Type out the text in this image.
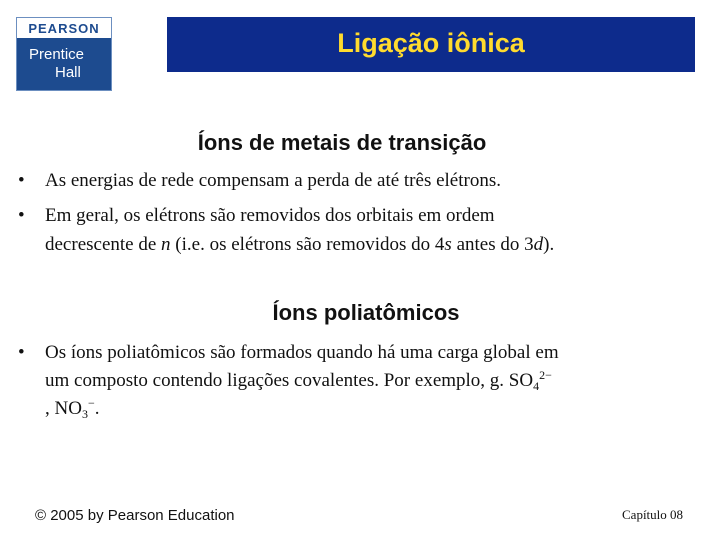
PEARSON
Prentice
Hall
Ligação iônica
Íons de metais de transição
• As energias de rede compensam a perda de até três elétrons.
• Em geral, os elétrons são removidos dos orbitais em ordem
decrescente de n (i.e. os elétrons são removidos do 4s antes do 3d).
Íons poliatômicos
• Os íons poliatômicos são formados quando há uma carga global em
um composto contendo ligações covalentes. Por exemplo, g. $SO_4^{2-}$
, $NO_3^-$.
© 2005 by Pearson Education	Capítulo 08
